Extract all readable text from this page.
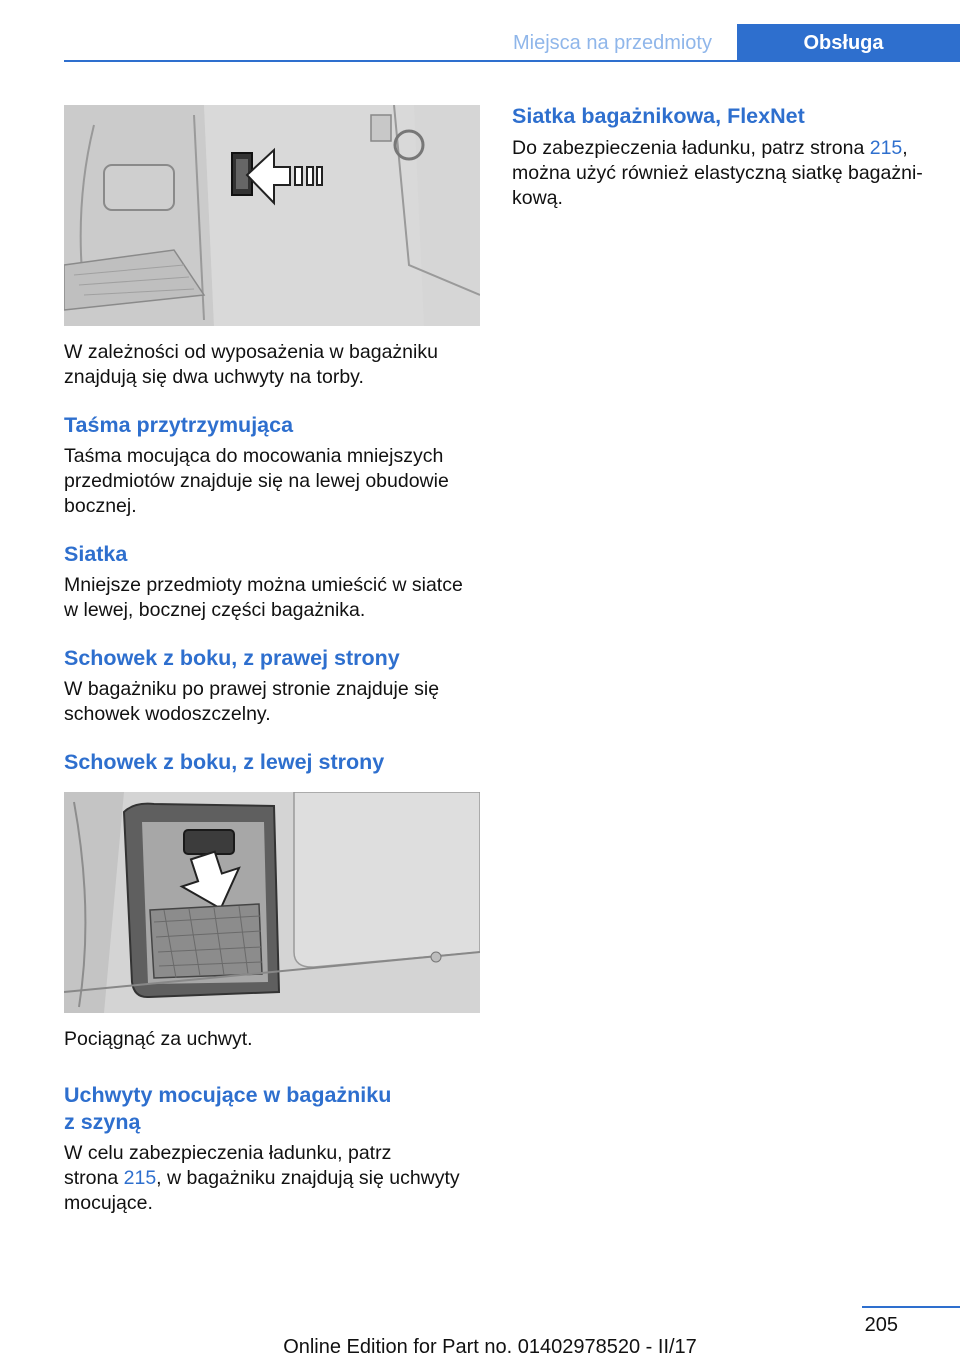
Miejsca na przedmioty	Obsługa

W zależności od wyposażenia w bagażniku znajdują się dwa uchwyty na torby.

Taśma przytrzymująca

Taśma mocująca do mocowania mniejszych przedmiotów znajduje się na lewej obudowie bocznej.

Siatka

Mniejsze przedmioty można umieścić w siatce w lewej, bocznej części bagażnika.

Schowek z boku, z prawej strony

W bagażniku po prawej stronie znajduje się schowek wodoszczelny.

Schowek z boku, z lewej strony

Pociągnąć za uchwyt.

Uchwyty mocujące w bagażniku
z szyną

W celu zabezpieczenia ładunku, patrz
strona 215, w bagażniku znajdują się uchwyty mocujące.

Siatka bagażnikowa, FlexNet

Do zabezpieczenia ładunku, patrz strona 215, można użyć również elastyczną siatkę bagażnikową.

205
Online Edition for Part no. 01402978520 - II/17
